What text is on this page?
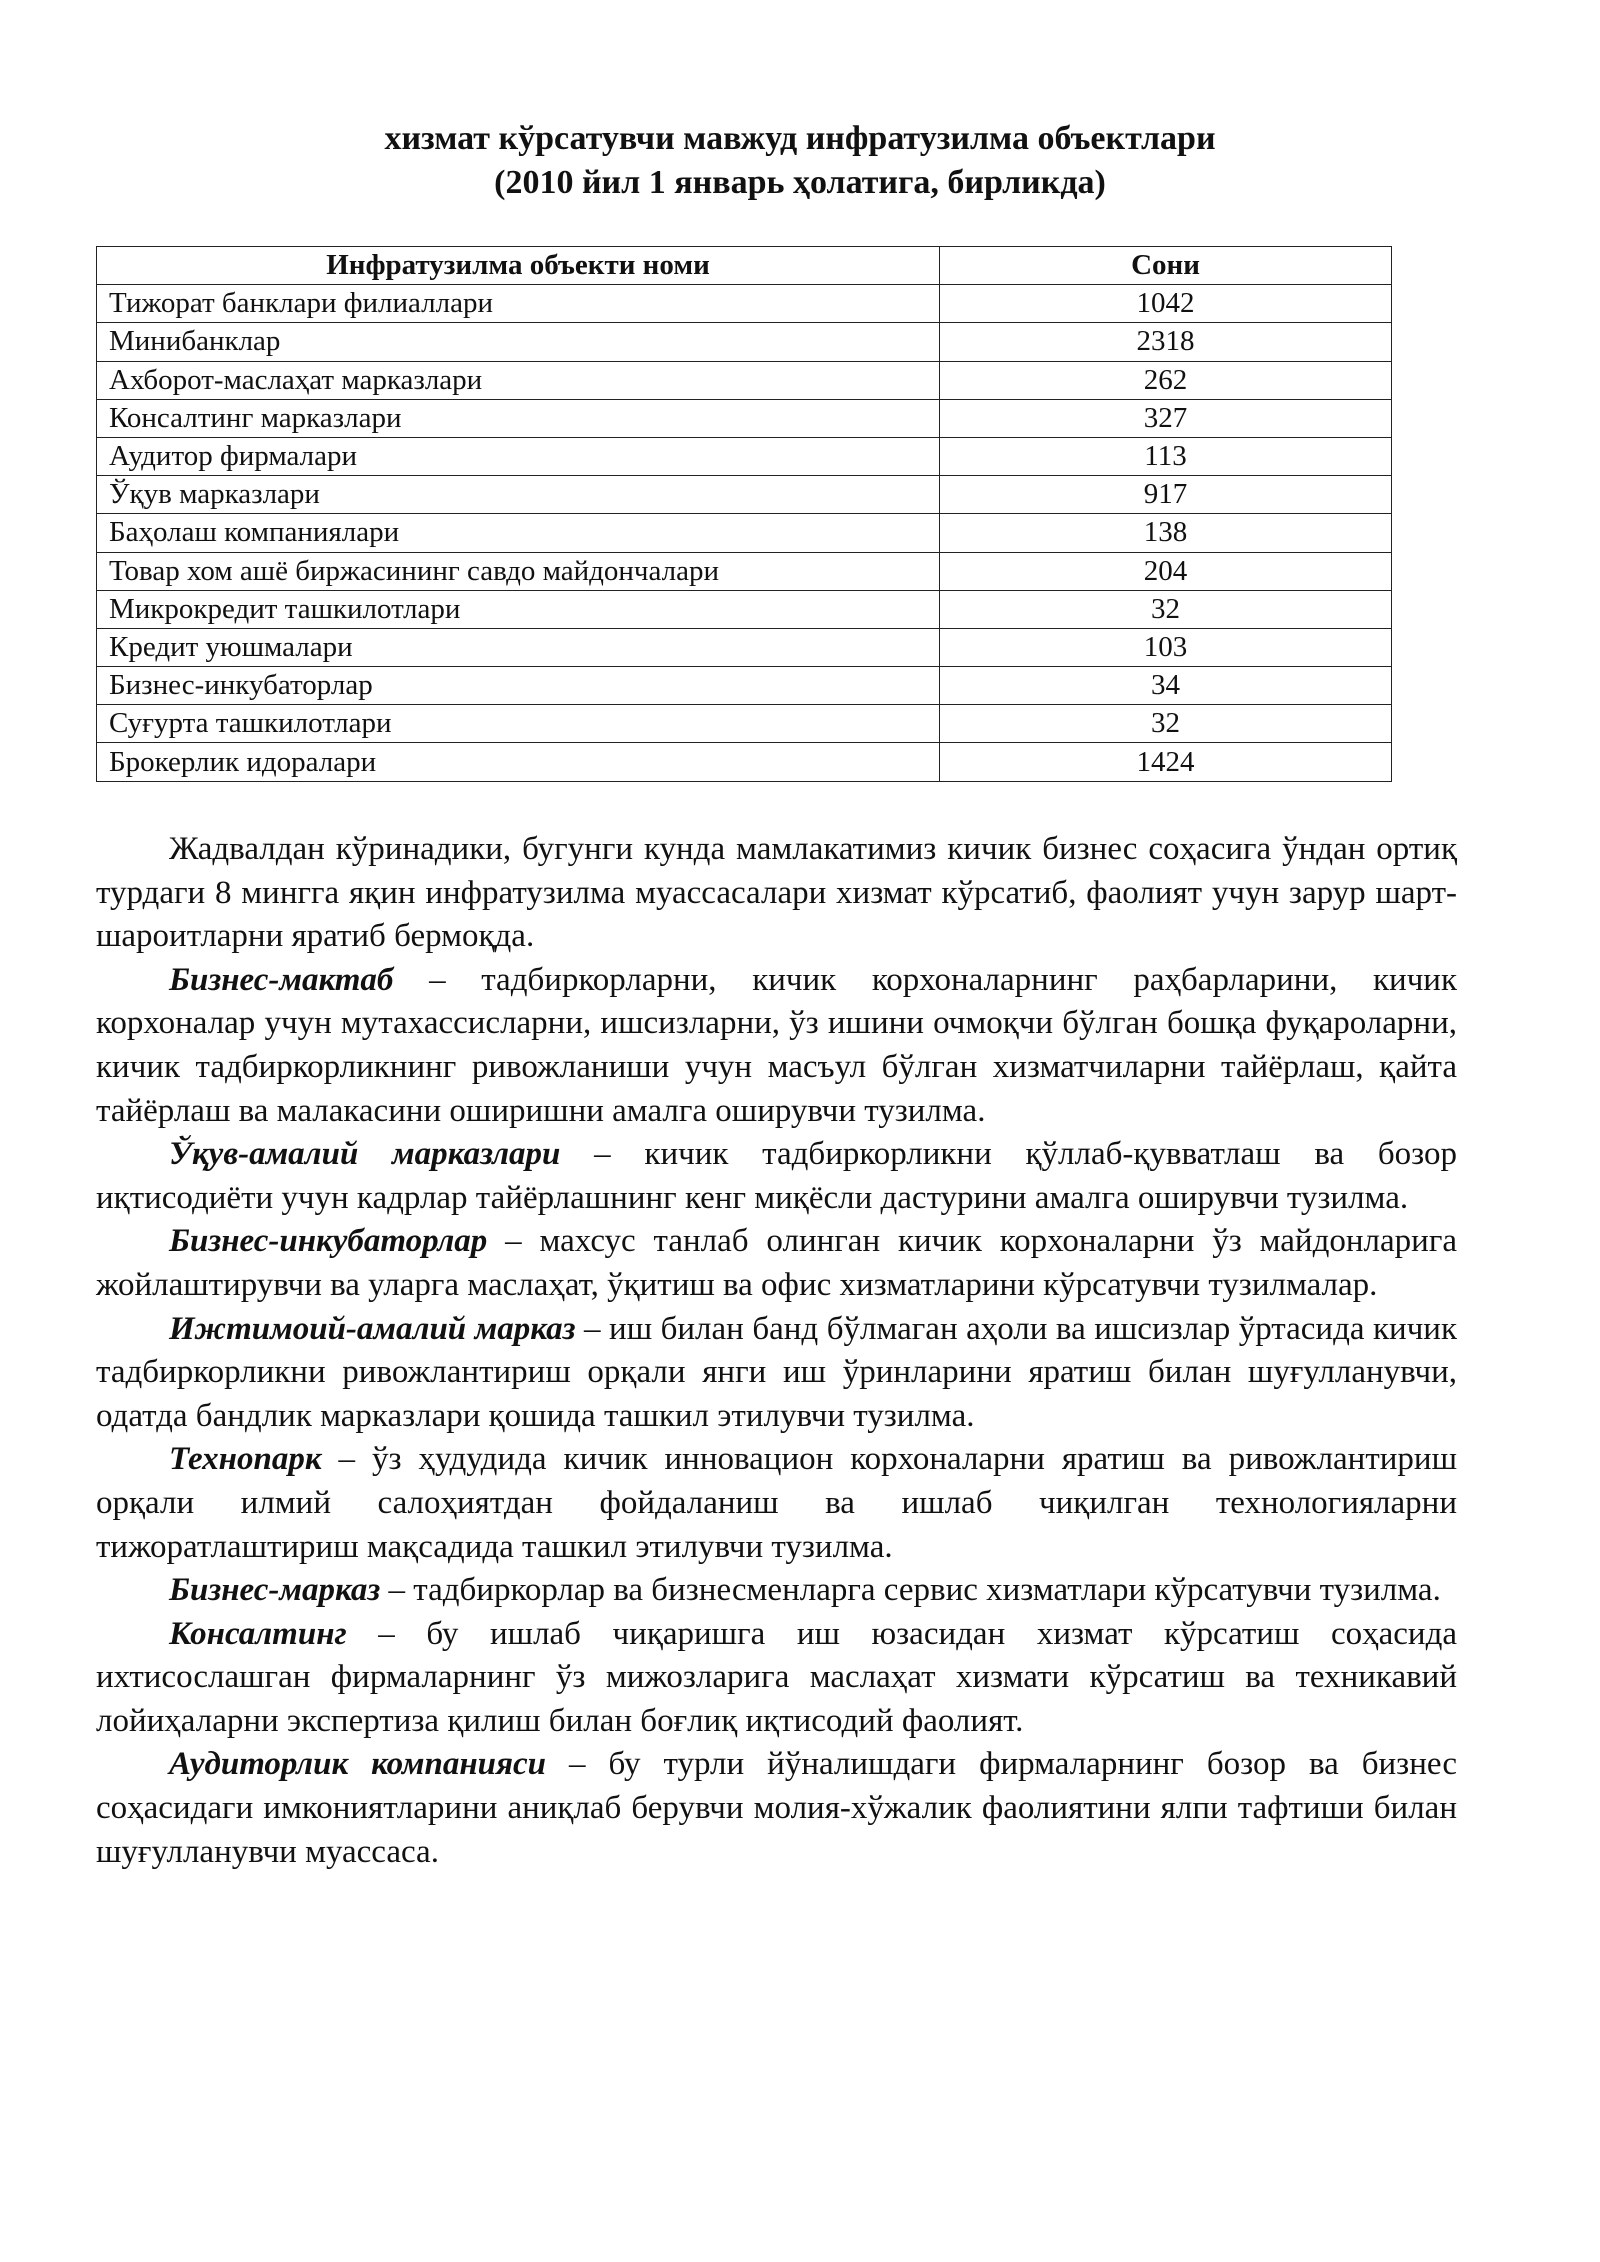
хизмат кўрсатувчи мавжуд инфратузилма объектлари
(2010 йил 1 январь ҳолатига, бирликда)
Инфратузилма объекти номи	Сони
Тижорат банклари филиаллари	1042
Минибанклар	2318
Ахборот-маслаҳат марказлари	262
Консалтинг марказлари	327
Аудитор фирмалари	113
Ўқув марказлари	917
Баҳолаш компаниялари	138
Товар хом ашё биржасининг савдо майдончалари	204
Микрокредит ташкилотлари	32
Кредит уюшмалари	103
Бизнес-инкубаторлар	34
Суғурта ташкилотлари	32
Брокерлик идоралари	1424

Жадвалдан кўринадики, бугунги кунда мамлакатимиз кичик бизнес соҳасига ўндан ортиқ турдаги 8 мингга яқин инфратузилма муассасалари хизмат кўрсатиб, фаолият учун зарур шарт-шароитларни яратиб бермоқда.

Бизнес-мактаб – тадбиркорларни, кичик корхоналарнинг раҳбарларини, кичик корхоналар учун мутахассисларни, ишсизларни, ўз ишини очмоқчи бўлган бошқа фуқароларни, кичик тадбиркорликнинг ривожланиши учун масъул бўлган хизматчиларни тайёрлаш, қайта тайёрлаш ва малакасини оширишни амалга оширувчи тузилма.

Ўқув-амалий марказлари – кичик тадбиркорликни қўллаб-қувватлаш ва бозор иқтисодиёти учун кадрлар тайёрлашнинг кенг миқёсли дастурини амалга оширувчи тузилма.

Бизнес-инкубаторлар – махсус танлаб олинган кичик корхоналарни ўз майдонларига жойлаштирувчи ва уларга маслаҳат, ўқитиш ва офис хизматларини кўрсатувчи тузилмалар.

Ижтимоий-амалий марказ – иш билан банд бўлмаган аҳоли ва ишсизлар ўртасида кичик тадбиркорликни ривожлантириш орқали янги иш ўринларини яратиш билан шуғулланувчи, одатда бандлик марказлари қошида ташкил этилувчи тузилма.

Технопарк – ўз ҳудудида кичик инновацион корхоналарни яратиш ва ривожлантириш орқали илмий салоҳиятдан фойдаланиш ва ишлаб чиқилган технологияларни тижоратлаштириш мақсадида ташкил этилувчи тузилма.

Бизнес-марказ – тадбиркорлар ва бизнесменларга сервис хизматлари кўрсатувчи тузилма.

Консалтинг – бу ишлаб чиқаришга иш юзасидан хизмат кўрсатиш соҳасида ихтисослашган фирмаларнинг ўз мижозларига маслаҳат хизмати кўрсатиш ва техникавий лойиҳаларни экспертиза қилиш билан боғлиқ иқтисодий фаолият.

Аудиторлик компанияси – бу турли йўналишдаги фирмаларнинг бозор ва бизнес соҳасидаги имкониятларини аниқлаб берувчи молия-хўжалик фаолиятини ялпи тафтиши билан шуғулланувчи муассаса.
